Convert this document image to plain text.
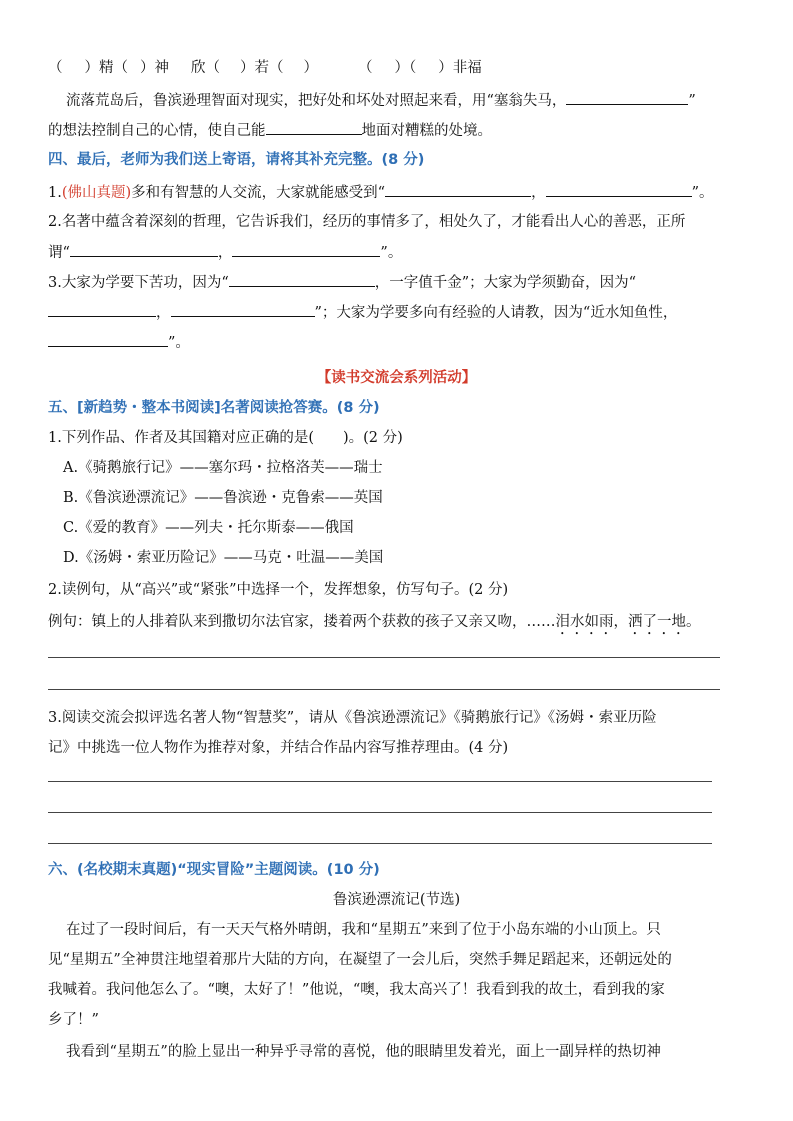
（ ）精（ ）神 欣（ ）若（ ）	（ ）（ ）非福
流落荒岛后，鲁滨逊理智面对现实，把好处和坏处对照起来看，用“塞翁失马，	”
的想法控制自己的心情，使自己能	地面对糟糕的处境。
四、最后，老师为我们送上寄语，请将其补充完整。(8 分)
1.(佛山真题)多和有智慧的人交流，大家就能感受到“	，	”。
2.名著中蕴含着深刻的哲理，它告诉我们，经历的事情多了，相处久了，才能看出人心的善恶，正所
谓“	，	”。
3.大家为学要下苦功，因为“	，一字值千金”；大家为学须勤奋，因为“
，	”；大家为学要多向有经验的人请教，因为“近水知鱼性，
”。
【读书交流会系列活动】
五、[新趋势・整本书阅读]名著阅读抢答赛。(8 分)
1.下列作品、作者及其国籍对应正确的是(　　)。(2 分)
A.《骑鹅旅行记》——塞尔玛・拉格洛芙——瑞士
B.《鲁滨逊漂流记》——鲁滨逊・克鲁索——英国
C.《爱的教育》——列夫・托尔斯泰——俄国
D.《汤姆・索亚历险记》——马克・吐温——美国
2.读例句，从“高兴”或“紧张”中选择一个，发挥想象，仿写句子。(2 分)
例句：镇上的人排着队来到撒切尔法官家，搂着两个获救的孩子又亲又吻，……泪水如雨，洒了一地。
3.阅读交流会拟评选名著人物“智慧奖”，请从《鲁滨逊漂流记》《骑鹅旅行记》《汤姆・索亚历险
记》中挑选一位人物作为推荐对象，并结合作品内容写推荐理由。(4 分)
六、(名校期末真题)“现实冒险”主题阅读。(10 分)
鲁滨逊漂流记(节选)
在过了一段时间后，有一天天气格外晴朗，我和“星期五”来到了位于小岛东端的小山顶上。只
见“星期五”全神贯注地望着那片大陆的方向，在凝望了一会儿后，突然手舞足蹈起来，还朝远处的
我喊着。我问他怎么了。“噢，太好了！”他说，“噢，我太高兴了！我看到我的故土，看到我的家
乡了！”
我看到“星期五”的脸上显出一种异乎寻常的喜悦，他的眼睛里发着光，面上一副异样的热切神
